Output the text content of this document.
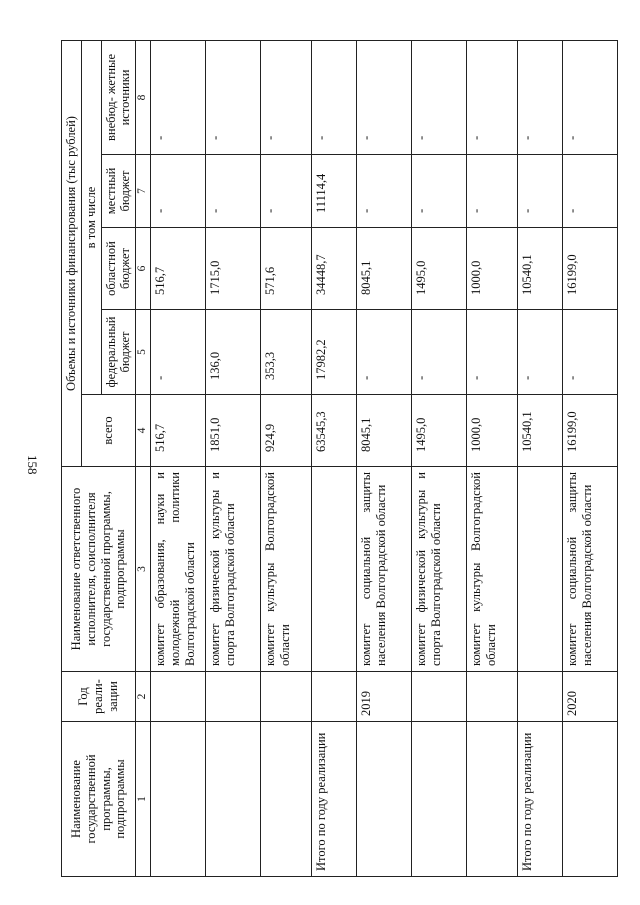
158
Наименование государственной программы, подпрограммы	Год реали- зации	Наименование ответственного исполнителя, соисполнителя государственной программы, подпрограммы	Объемы и источники финансирования (тыс рублей)				
			всего	в том числе			
				федеральный бюджет	областной бюджет	местный бюджет	внебюд- жетные источники
1	2	3	4	5	6	7	8
		комитет образования, науки и молодежной политики Волгоградской области	516,7	-	516,7	-	-
		комитет физической культуры и спорта Волгоградской области	1851,0	136,0	1715,0	-	-
		комитет культуры Волгоградской области	924,9	353,3	571,6	-	-
Итого по году реализации			63545,3	17982,2	34448,7	11114,4	-
	2019	комитет социальной защиты населения Волгоградской области	8045,1	-	8045,1	-	-
		комитет физической культуры и спорта Волгоградской области	1495,0	-	1495,0	-	-
		комитет культуры Волгоградской области	1000,0	-	1000,0	-	-
Итого по году реализации			10540,1	-	10540,1	-	-
	2020	комитет социальной защиты населения Волгоградской области	16199,0	-	16199,0	-	-
